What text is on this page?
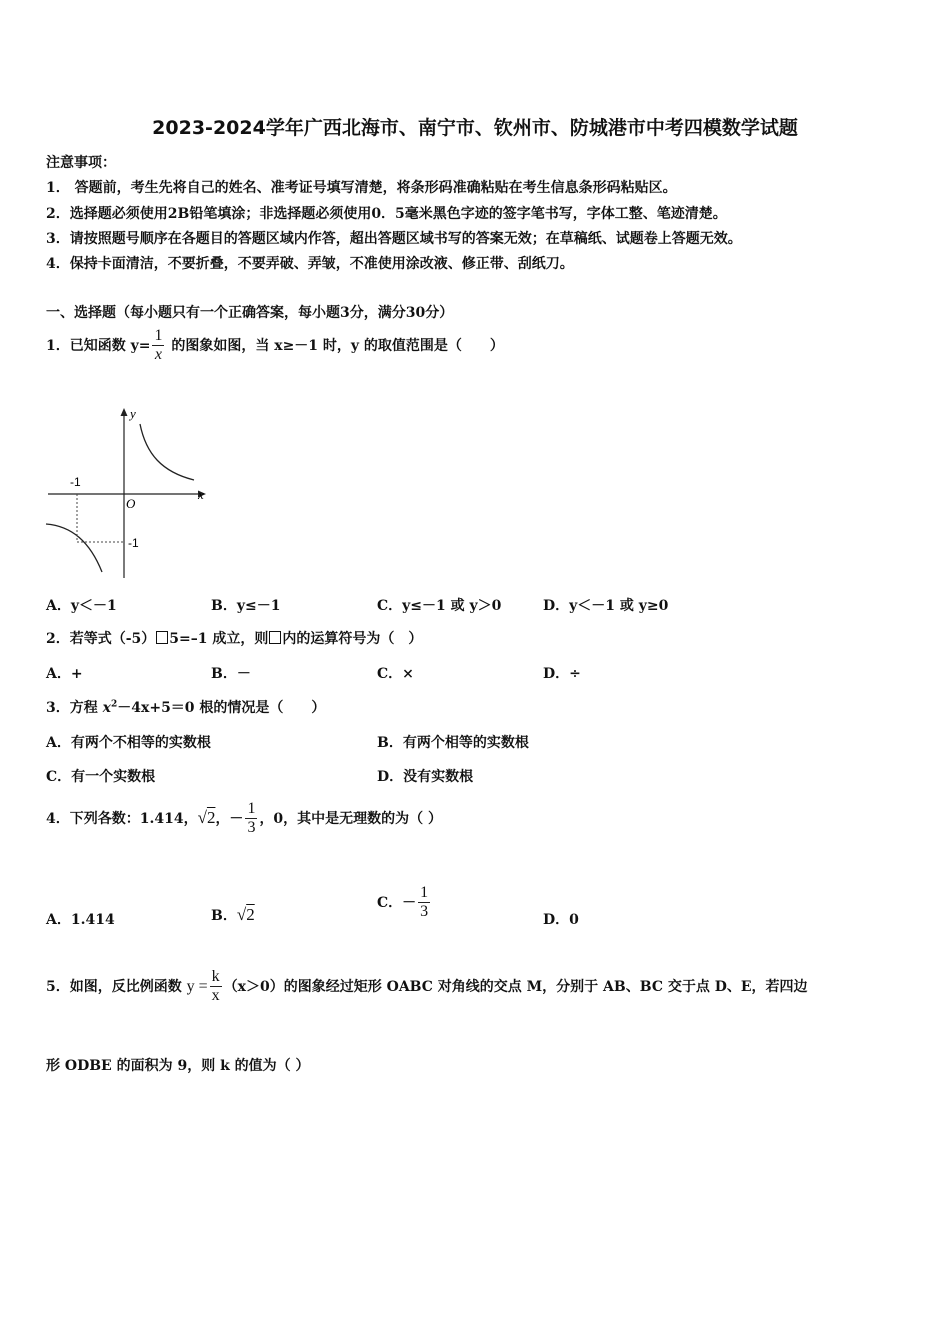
2023-2024学年广西北海市、南宁市、钦州市、防城港市中考四模数学试题
注意事项：
1． 答题前，考生先将自己的姓名、准考证号填写清楚，将条形码准确粘贴在考生信息条形码粘贴区。
2．选择题必须使用2B铅笔填涂；非选择题必须使用0．5毫米黑色字迹的签字笔书写，字体工整、笔迹清楚。
3．请按照题号顺序在各题目的答题区域内作答，超出答题区域书写的答案无效；在草稿纸、试题卷上答题无效。
4．保持卡面清洁，不要折叠，不要弄破、弄皱，不准使用涂改液、修正带、刮纸刀。
一、选择题（每小题只有一个正确答案，每小题3分，满分30分）
1．已知函数 $y= \frac{1}{x}$ 的图象如图，当 x≥－1 时，y 的取值范围是（　　）
y
x
O
-1
-1
A．y＜－1	B．y≤－1	C．y≤－1 或 y＞0	D．y＜－1 或 y≥0
2．若等式（-5） 5=–1 成立，则 内的运算符号为（　）
A．+	B．－	C．×	D．÷
3．方程 $x^2-4x+5=0$ 根的情况是（　　）
A．有两个不相等的实数根	B．有两个相等的实数根
C．有一个实数根	D．没有实数根
4．下列各数：1.414，√2，－ $\frac{1}{3}$ ，0，其中是无理数的为（ ）
A．1.414	B．√2
C．－ $\frac{1}{3}$	D．0
5．如图，反比例函数 $y = \frac{k}{x} (x>0)$的图象经过矩形 OABC 对角线的交点 M，分别于 AB、BC 交于点 D、E，若四边
形 ODBE 的面积为 9，则 k 的值为（ ）
